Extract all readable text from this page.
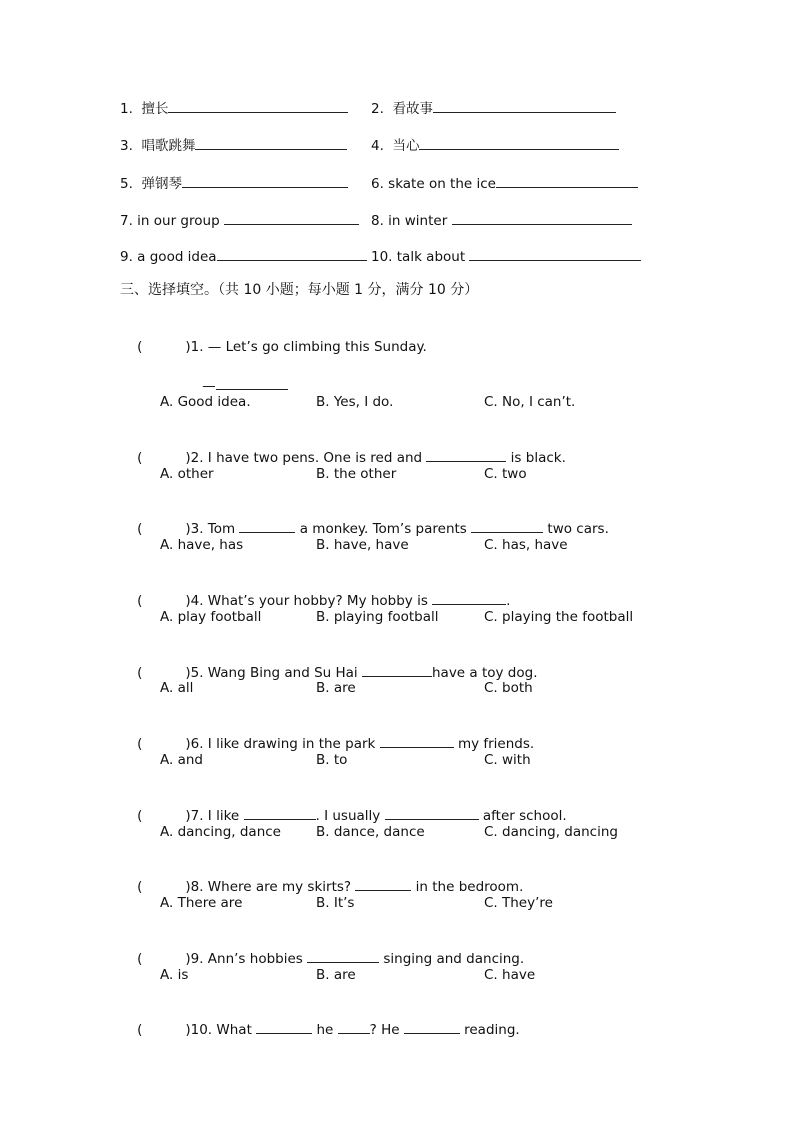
1.  擅长	2.  看故事
3.  唱歌跳舞	4.  当心
5.  弹钢琴	6. skate on the ice
7. in our group	8. in winter
9. a good idea	10. talk about
三、选择填空。（共 10 小题；每小题 1 分，满分 10 分）

(          )1. — Let’s go climbing this Sunday.

—

A. Good idea.	B. Yes, I do.	C. No, I can’t.

(          )2. I have two pens. One is red and	is black.

A. other	B. the other	C. two

(          )3. Tom	a monkey. Tom’s parents	two cars.

A. have, has	B. have, have	C. has, have

(          )4. What’s your hobby? My hobby is	.

A. play football	B. playing football	C. playing the football

(          )5. Wang Bing and Su Hai	have a toy dog.

A. all	B. are	C. both

(          )6. I like drawing in the park	my friends.

A. and	B. to	C. with

(          )7. I like	. I usually	after school.

A. dancing, dance	B. dance, dance	C. dancing, dancing

(          )8. Where are my skirts?	in the bedroom.

A. There are	B. It’s	C. They’re

(          )9. Ann’s hobbies	singing and dancing.

A. is	B. are	C. have

(          )10. What	he ? He	reading.
